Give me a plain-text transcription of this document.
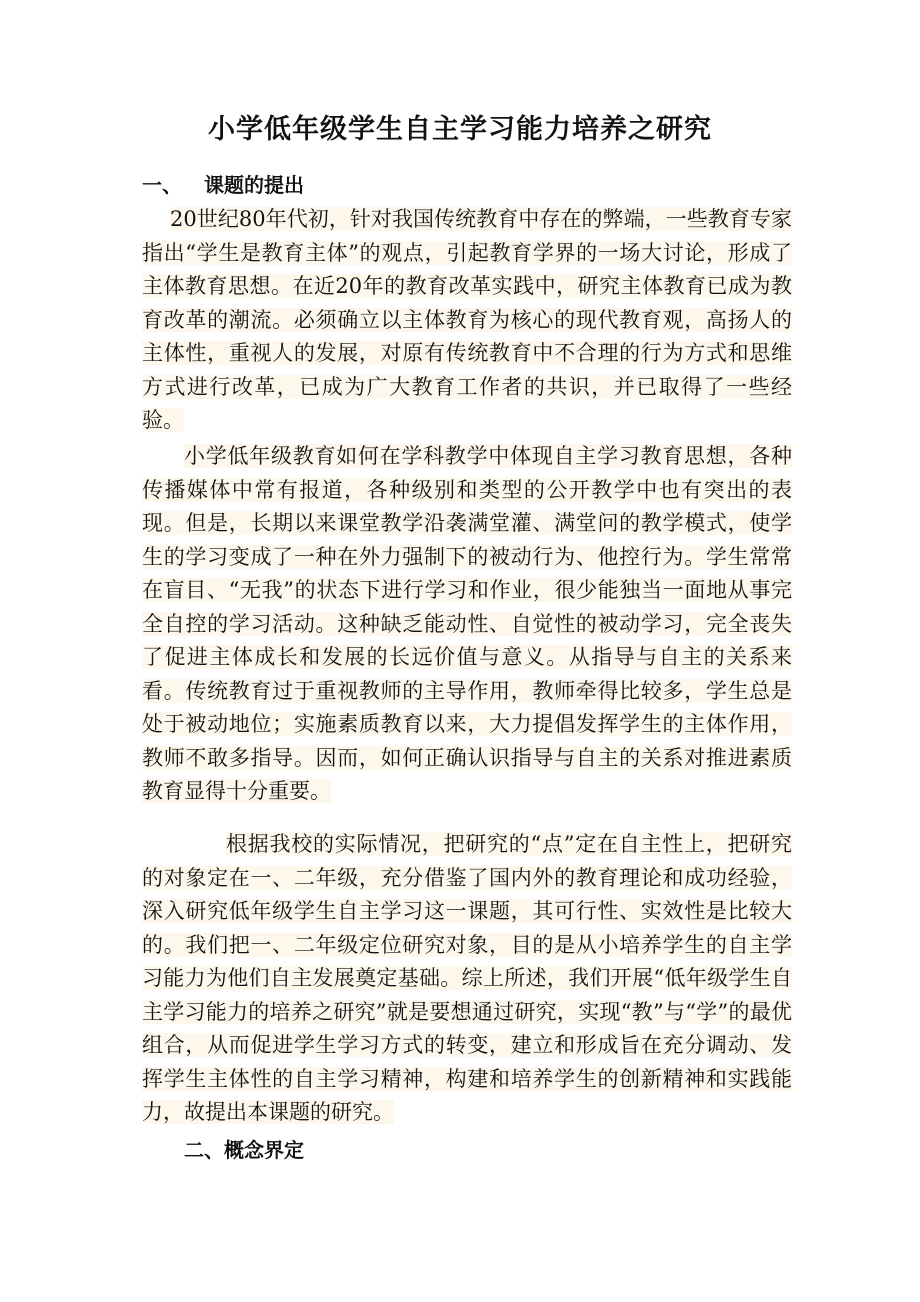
小学低年级学生自主学习能力培养之研究
一、 课题的提出

20世纪80年代初，针对我国传统教育中存在的弊端，一些教育专家指出“学生是教育主体”的观点，引起教育学界的一场大讨论，形成了主体教育思想。在近20年的教育改革实践中，研究主体教育已成为教育改革的潮流。必须确立以主体教育为核心的现代教育观，高扬人的主体性，重视人的发展，对原有传统教育中不合理的行为方式和思维方式进行改革，已成为广大教育工作者的共识，并已取得了一些经验。

小学低年级教育如何在学科教学中体现自主学习教育思想，各种传播媒体中常有报道，各种级别和类型的公开教学中也有突出的表现。但是，长期以来课堂教学沿袭满堂灌、满堂问的教学模式，使学生的学习变成了一种在外力强制下的被动行为、他控行为。学生常常在盲目、“无我”的状态下进行学习和作业，很少能独当一面地从事完全自控的学习活动。这种缺乏能动性、自觉性的被动学习，完全丧失了促进主体成长和发展的长远价值与意义。从指导与自主的关系来看。传统教育过于重视教师的主导作用，教师牵得比较多，学生总是处于被动地位；实施素质教育以来，大力提倡发挥学生的主体作用，教师不敢多指导。因而，如何正确认识指导与自主的关系对推进素质教育显得十分重要。

根据我校的实际情况，把研究的“点”定在自主性上，把研究的对象定在一、二年级，充分借鉴了国内外的教育理论和成功经验，深入研究低年级学生自主学习这一课题，其可行性、实效性是比较大的。我们把一、二年级定位研究对象，目的是从小培养学生的自主学习能力为他们自主发展奠定基础。综上所述，我们开展“低年级学生自主学习能力的培养之研究”就是要想通过研究，实现“教”与“学”的最优组合，从而促进学生学习方式的转变，建立和形成旨在充分调动、发挥学生主体性的自主学习精神，构建和培养学生的创新精神和实践能力，故提出本课题的研究。

二、概念界定
